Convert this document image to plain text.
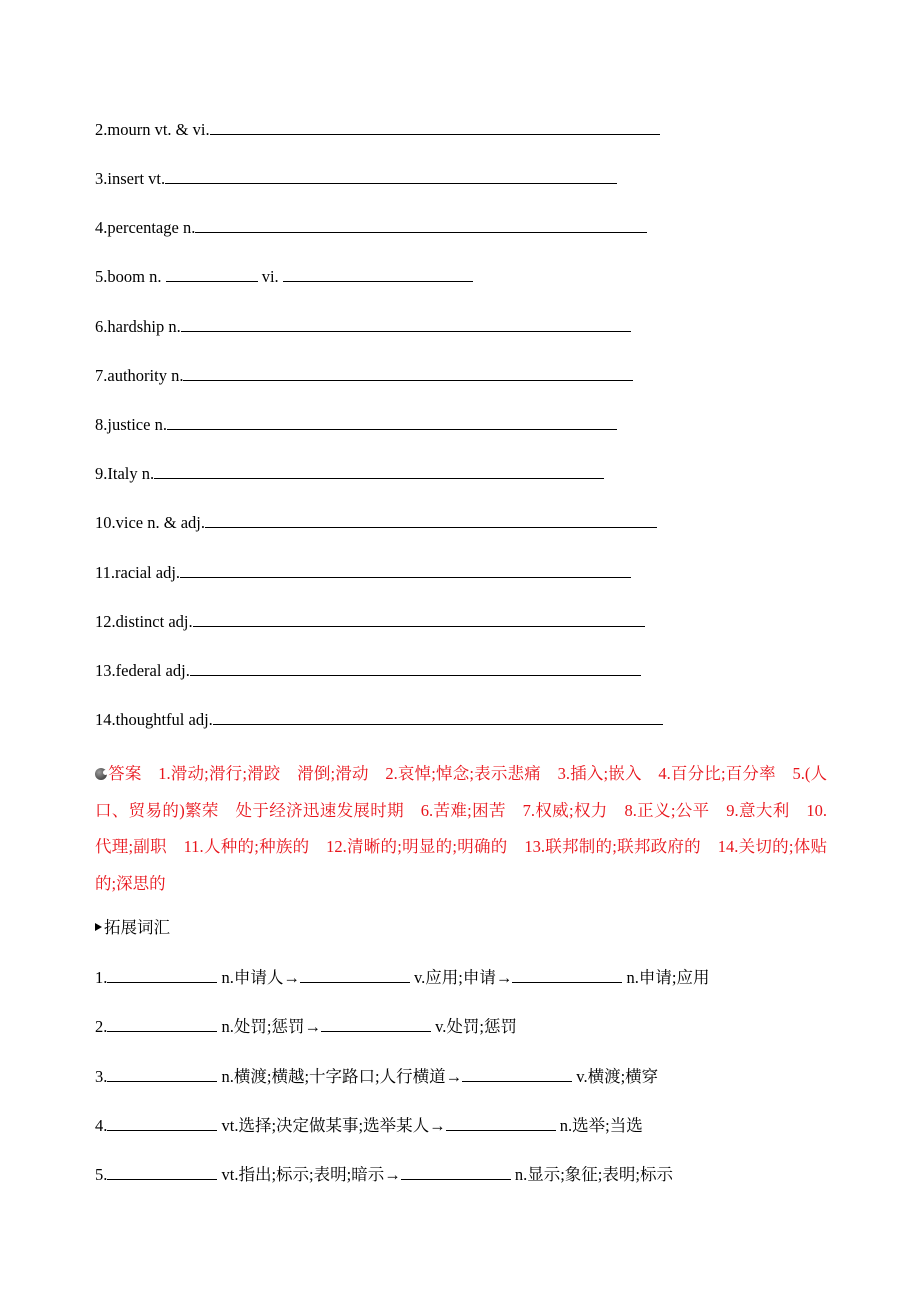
2.mourn vt. & vi.
3.insert vt.
4.percentage n.
5.boom n.	vi.
6.hardship n.
7.authority n.
8.justice n.
9.Italy n.
10.vice n. & adj.
11.racial adj.
12.distinct adj.
13.federal adj.
14.thoughtful adj.
答案　 1.滑动;滑行;滑跤　滑倒;滑动　2.哀悼;悼念;表示悲痛　3.插入;嵌入　4.百分比;百分率　5.(人口、贸易的)繁荣　处于经济迅速发展时期　6.苦难;困苦　7.权威;权力　8.正义;公平　9.意大利　10.代理;副职　11.人种的;种族的　12.清晰的;明显的;明确的　13.联邦制的;联邦政府的　14.关切的;体贴的;深思的
拓展词汇
1.	n.申请人→	v.应用;申请→	n.申请;应用
2.	n.处罚;惩罚→	v.处罚;惩罚
3.	n.横渡;横越;十字路口;人行横道→	v.横渡;横穿
4.	vt.选择;决定做某事;选举某人→	n.选举;当选
5.	vt.指出;标示;表明;暗示→	n.显示;象征;表明;标示
